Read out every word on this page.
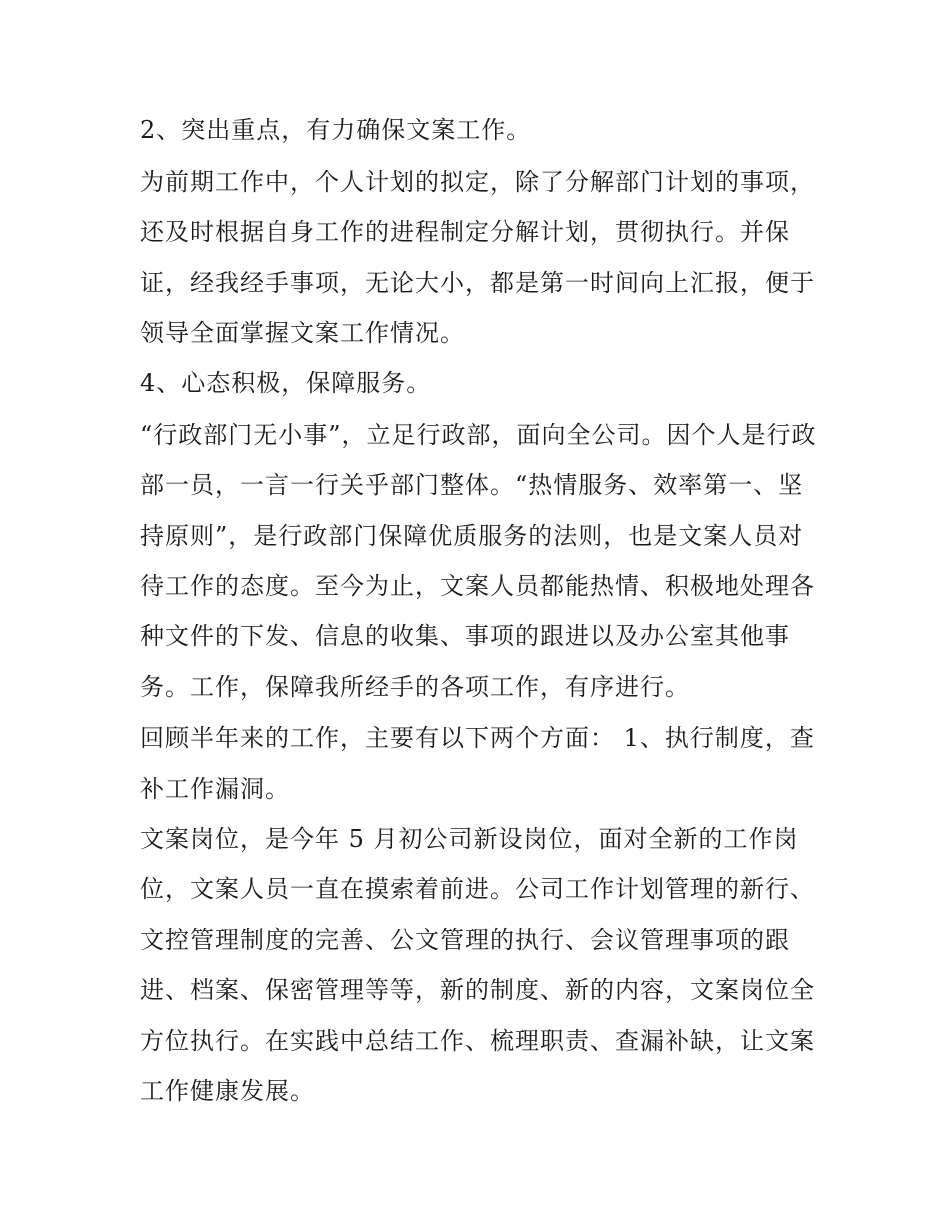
2、突出重点，有力确保文案工作。
为前期工作中，个人计划的拟定，除了分解部门计划的事项，
还及时根据自身工作的进程制定分解计划，贯彻执行。并保
证，经我经手事项，无论大小，都是第一时间向上汇报，便于
领导全面掌握文案工作情况。
4、心态积极，保障服务。
“行政部门无小事”，立足行政部，面向全公司。因个人是行政
部一员，一言一行关乎部门整体。“热情服务、效率第一、坚
持原则”，是行政部门保障优质服务的法则，也是文案人员对
待工作的态度。至今为止，文案人员都能热情、积极地处理各
种文件的下发、信息的收集、事项的跟进以及办公室其他事
务。工作，保障我所经手的各项工作，有序进行。
回顾半年来的工作，主要有以下两个方面： 1、执行制度，查
补工作漏洞。
文案岗位，是今年 5 月初公司新设岗位，面对全新的工作岗
位，文案人员一直在摸索着前进。公司工作计划管理的新行、
文控管理制度的完善、公文管理的执行、会议管理事项的跟
进、档案、保密管理等等，新的制度、新的内容，文案岗位全
方位执行。在实践中总结工作、梳理职责、查漏补缺，让文案
工作健康发展。
